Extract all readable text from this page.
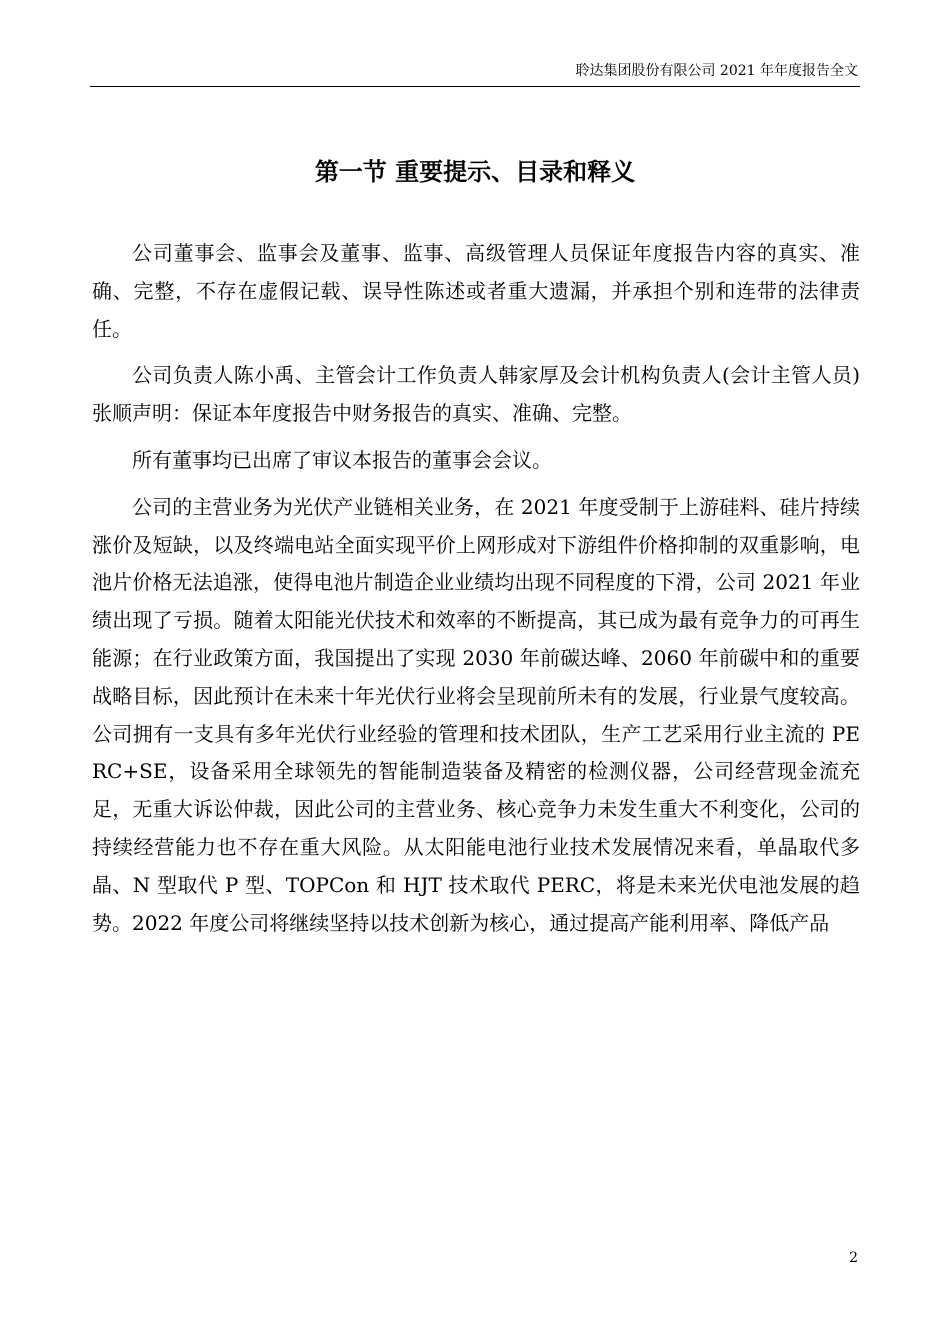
聆达集团股份有限公司 2021 年年度报告全文
第一节 重要提示、目录和释义

公司董事会、监事会及董事、监事、高级管理人员保证年度报告内容的真实、准确、完整，不存在虚假记载、误导性陈述或者重大遗漏，并承担个别和连带的法律责任。

公司负责人陈小禹、主管会计工作负责人韩家厚及会计机构负责人(会计主管人员)张顺声明：保证本年度报告中财务报告的真实、准确、完整。

所有董事均已出席了审议本报告的董事会会议。

公司的主营业务为光伏产业链相关业务，在 2021 年度受制于上游硅料、硅片持续涨价及短缺，以及终端电站全面实现平价上网形成对下游组件价格抑制的双重影响，电池片价格无法追涨，使得电池片制造企业业绩均出现不同程度的下滑，公司 2021 年业绩出现了亏损。随着太阳能光伏技术和效率的不断提高，其已成为最有竞争力的可再生能源；在行业政策方面，我国提出了实现 2030 年前碳达峰、2060 年前碳中和的重要战略目标，因此预计在未来十年光伏行业将会呈现前所未有的发展，行业景气度较高。公司拥有一支具有多年光伏行业经验的管理和技术团队，生产工艺采用行业主流的 PERC+SE，设备采用全球领先的智能制造装备及精密的检测仪器，公司经营现金流充足，无重大诉讼仲裁，因此公司的主营业务、核心竞争力未发生重大不利变化，公司的持续经营能力也不存在重大风险。从太阳能电池行业技术发展情况来看，单晶取代多晶、N 型取代 P 型、TOPCon 和 HJT 技术取代 PERC，将是未来光伏电池发展的趋势。2022 年度公司将继续坚持以技术创新为核心，通过提高产能利用率、降低产品

2
